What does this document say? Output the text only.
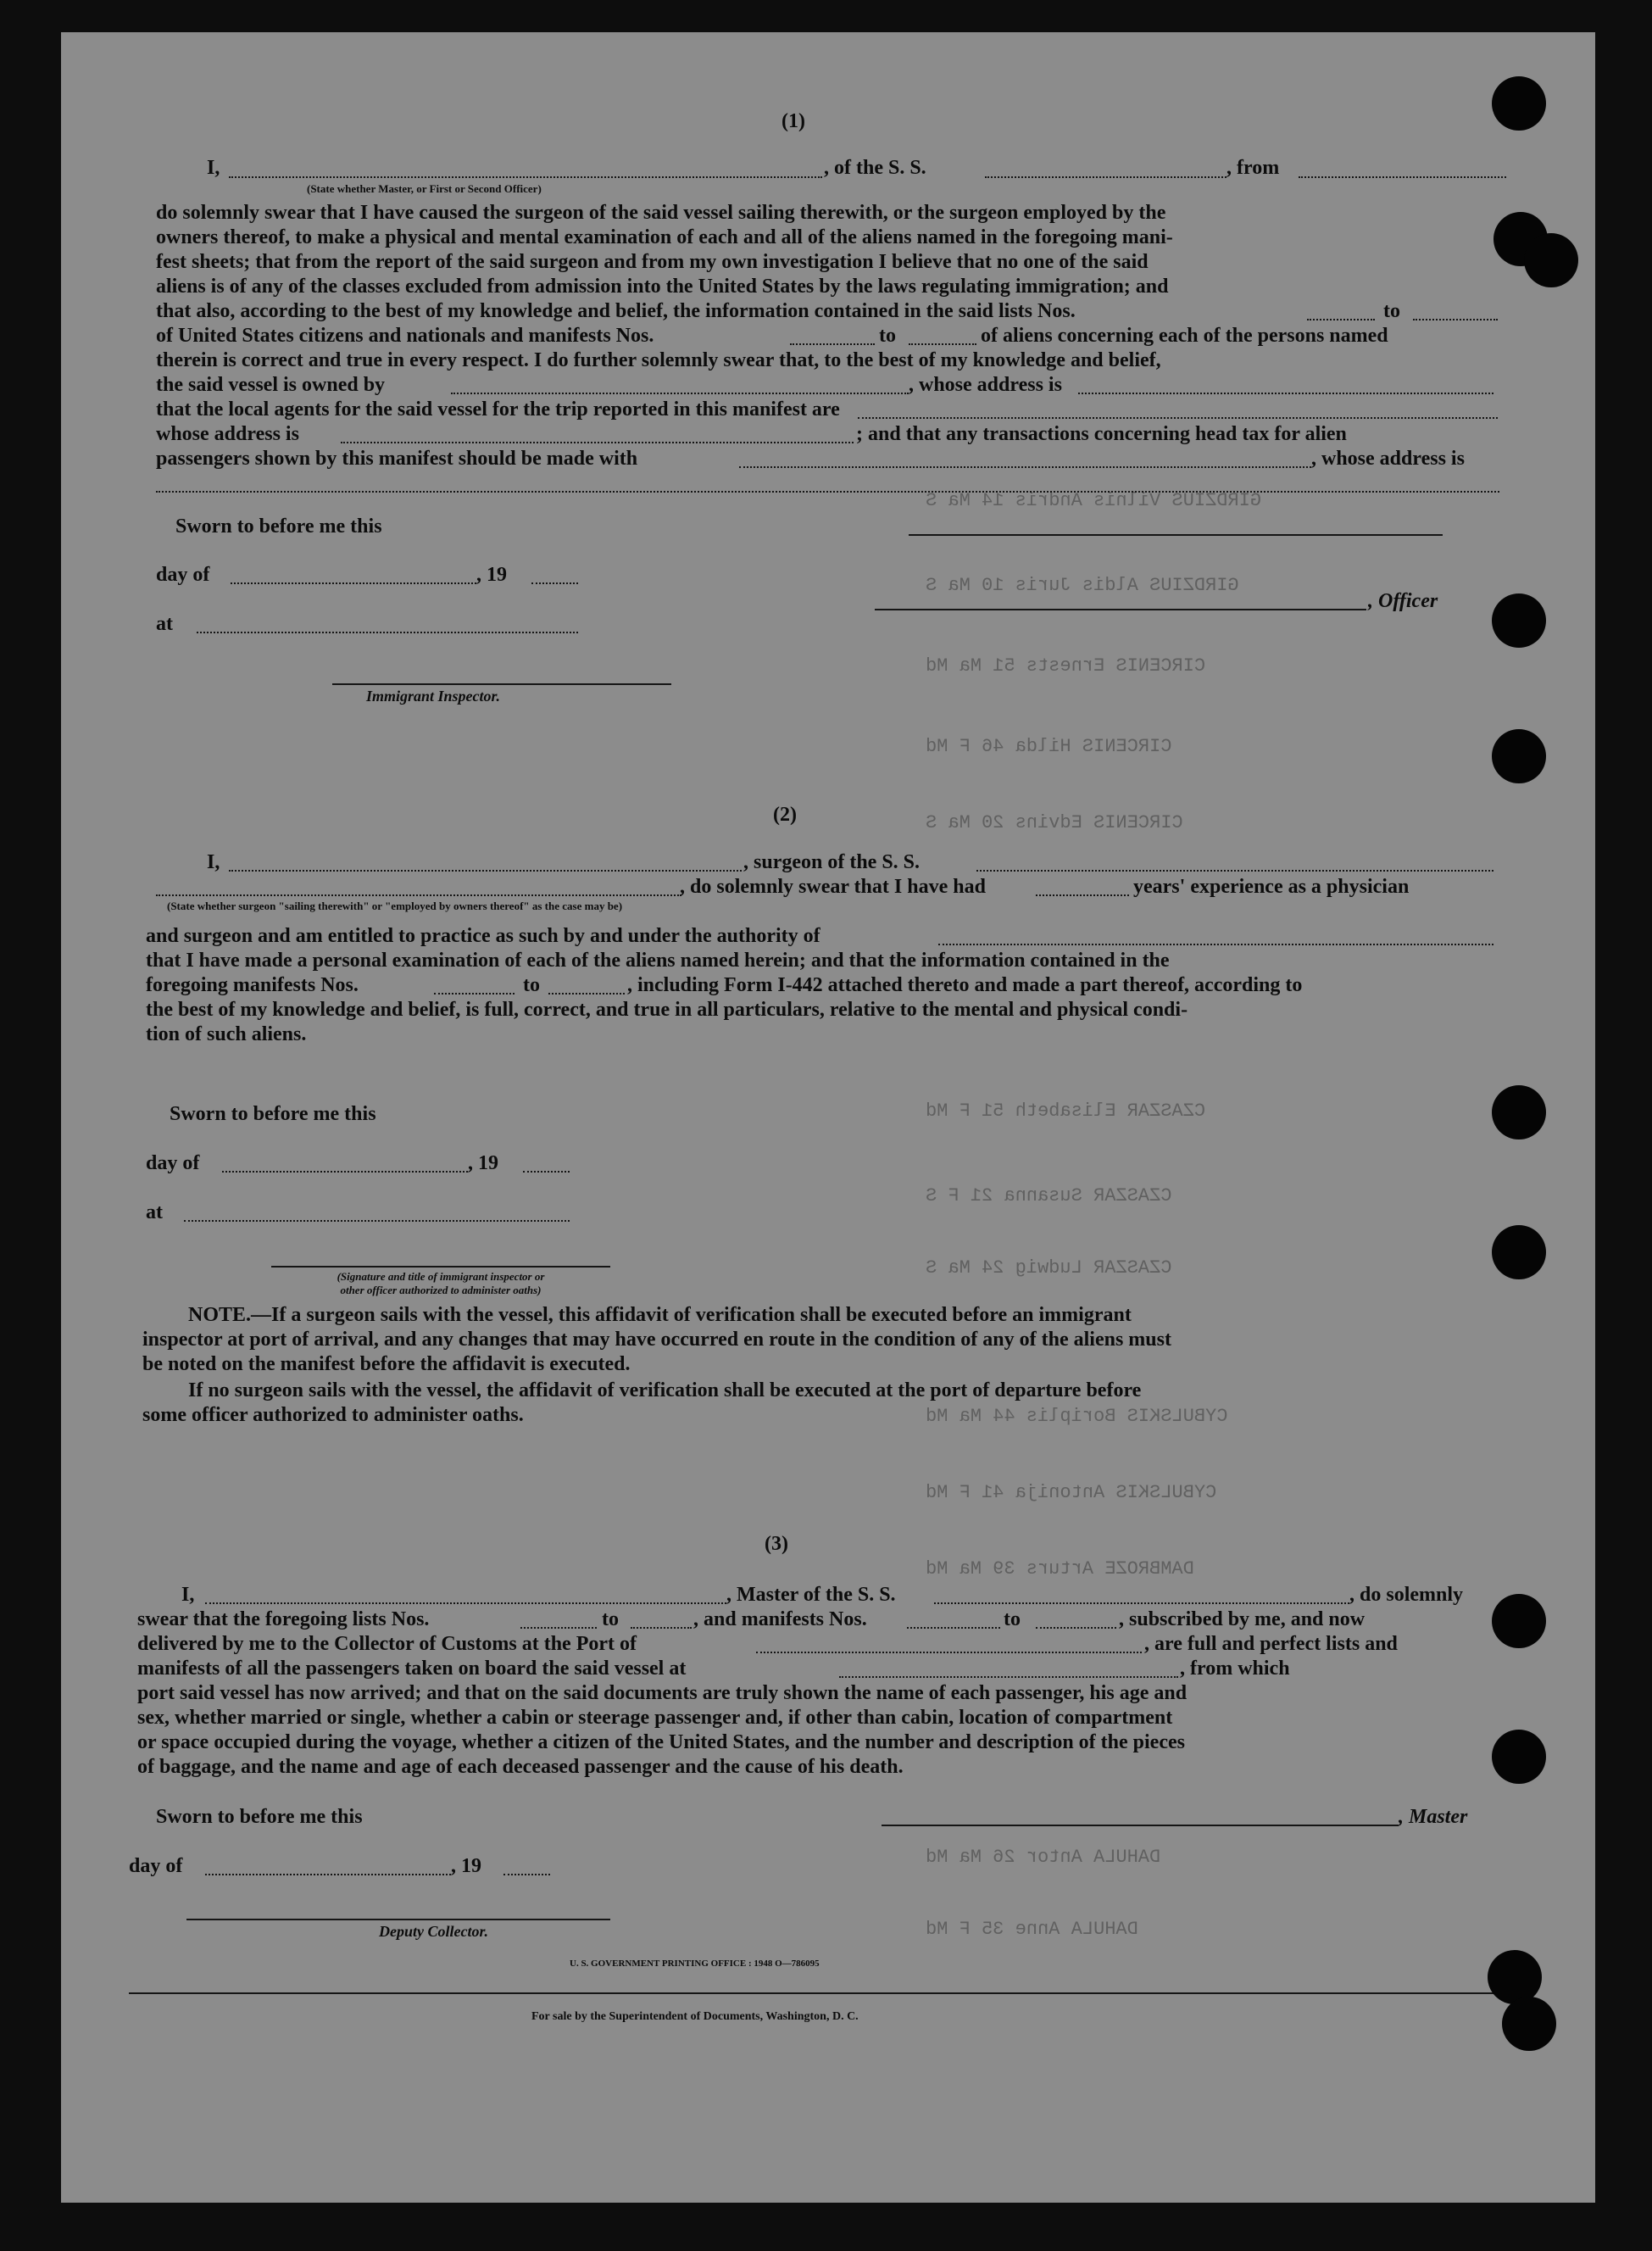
GIRDZIUS Vilnis Andris 14 Ma S
GIRDZIUS Aldis Juris 10 Ma S
CIRCENIS Ernests 51 Ma Md
CIRCENIS Hilda 46 F Md
CIRCENIS Edvins 20 Ma S
CZASZAR Elisabeth 51 F Md
CZASZAR Susanna 21 F S
CZASZAR Ludwig 24 Ma S
CYBULSKIS Boriplis 44 Ma Md
CYBULSKIS Antonija 41 F Md
DAMBROZE Arturs 39 Ma Md
DAHULA Antor 26 Ma Md
DAHULA Anne 35 F Md
(1)
I,	, of the S. S.	, from
(State whether Master, or First or Second Officer)
do solemnly swear that I have caused the surgeon of the said vessel sailing therewith, or the surgeon employed by the
owners thereof, to make a physical and mental examination of each and all of the aliens named in the foregoing mani-
fest sheets; that from the report of the said surgeon and from my own investigation I believe that no one of the said
aliens is of any of the classes excluded from admission into the United States by the laws regulating immigration; and
that also, according to the best of my knowledge and belief, the information contained in the said lists Nos.	to
of United States citizens and nationals and manifests Nos.	to	of aliens concerning each of the persons named
therein is correct and true in every respect. I do further solemnly swear that, to the best of my knowledge and belief,
the said vessel is owned by	, whose address is
that the local agents for the said vessel for the trip reported in this manifest are
whose address is	; and that any transactions concerning head tax for alien
passengers shown by this manifest should be made with	, whose address is
Sworn to before me this
day of	, 19
, Officer
at
Immigrant Inspector.
(2)
I,	, surgeon of the S. S.
, do solemnly swear that I have had	years' experience as a physician
(State whether surgeon "sailing therewith" or "employed by owners thereof" as the case may be)
and surgeon and am entitled to practice as such by and under the authority of
that I have made a personal examination of each of the aliens named herein; and that the information contained in the
foregoing manifests Nos.	to	, including Form I-442 attached thereto and made a part thereof, according to
the best of my knowledge and belief, is full, correct, and true in all particulars, relative to the mental and physical condi-
tion of such aliens.
Sworn to before me this
day of	, 19
at
(Signature and title of immigrant inspector or
other officer authorized to administer oaths)
NOTE.—If a surgeon sails with the vessel, this affidavit of verification shall be executed before an immigrant
inspector at port of arrival, and any changes that may have occurred en route in the condition of any of the aliens must
be noted on the manifest before the affidavit is executed.
If no surgeon sails with the vessel, the affidavit of verification shall be executed at the port of departure before
some officer authorized to administer oaths.
(3)
I,	, Master of the S. S.	, do solemnly
swear that the foregoing lists Nos.	to	, and manifests Nos.	to	, subscribed by me, and now
delivered by me to the Collector of Customs at the Port of	, are full and perfect lists and
manifests of all the passengers taken on board the said vessel at	, from which
port said vessel has now arrived; and that on the said documents are truly shown the name of each passenger, his age and
sex, whether married or single, whether a cabin or steerage passenger and, if other than cabin, location of compartment
or space occupied during the voyage, whether a citizen of the United States, and the number and description of the pieces
of baggage, and the name and age of each deceased passenger and the cause of his death.
Sworn to before me this	, Master
day of	, 19
Deputy Collector.
U. S. GOVERNMENT PRINTING OFFICE : 1948 O—786095
For sale by the Superintendent of Documents, Washington, D. C.
